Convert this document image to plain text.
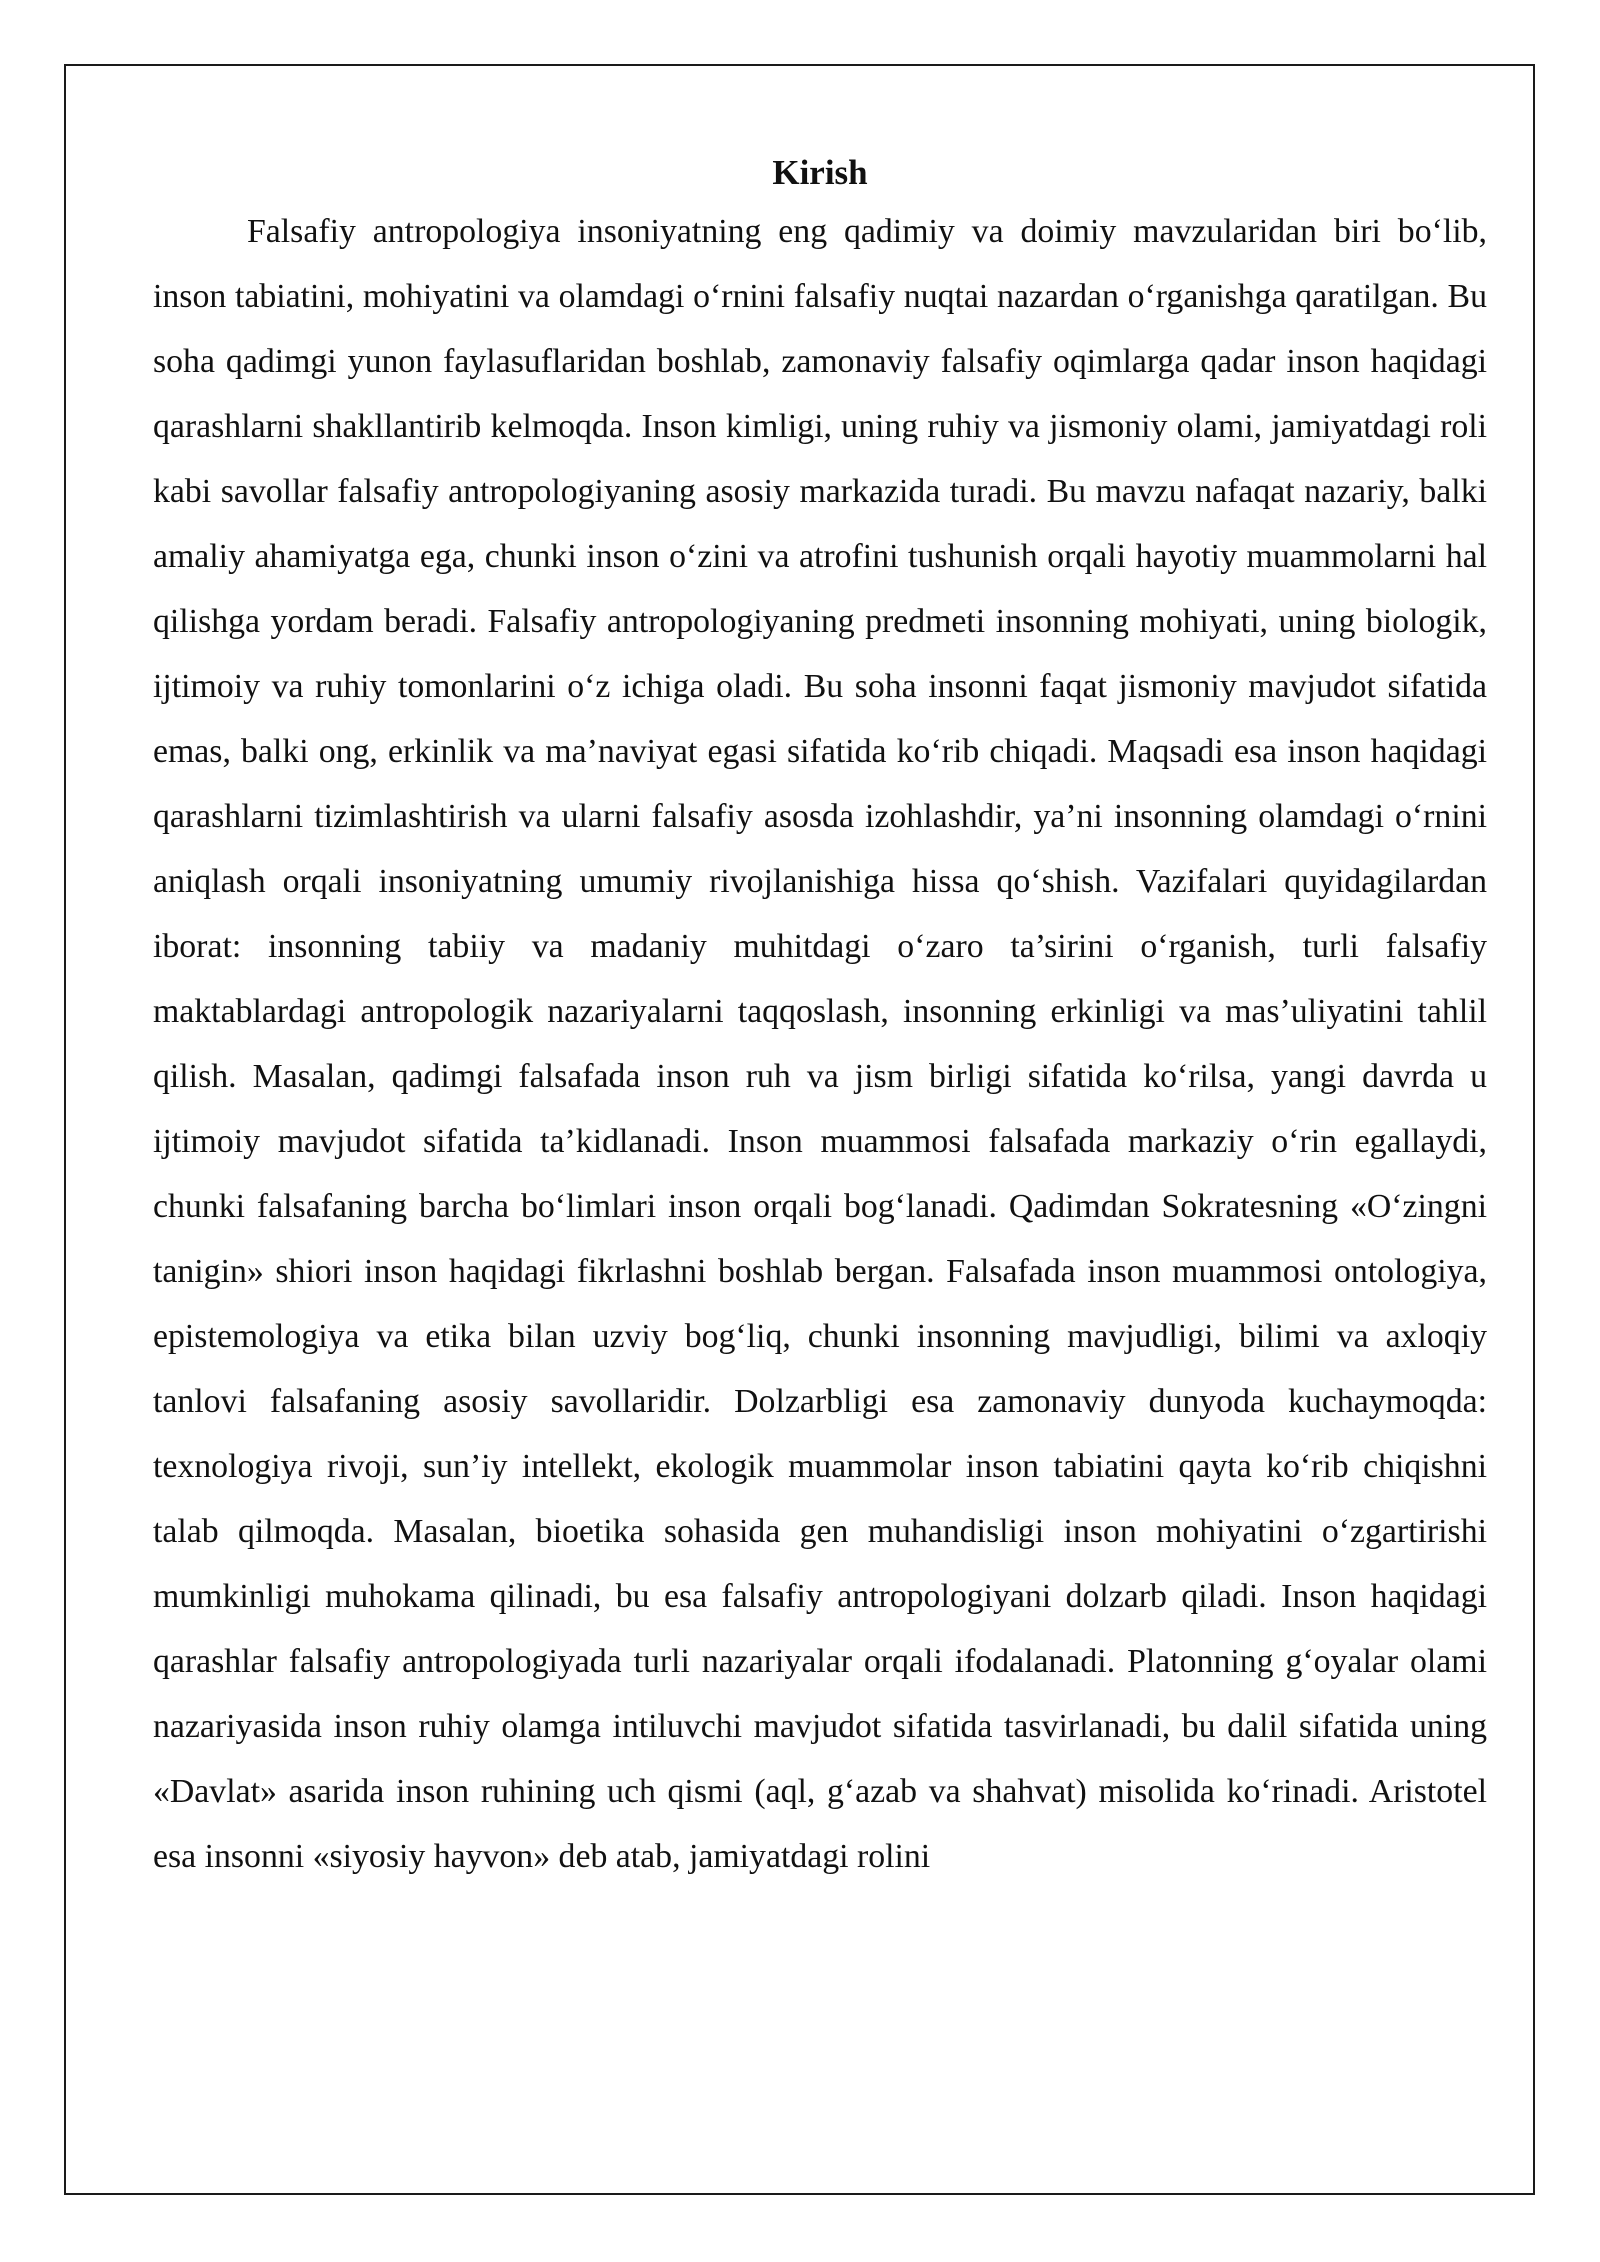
Kirish

Falsafiy antropologiya insoniyatning eng qadimiy va doimiy mavzularidan biri bo‘lib, inson tabiatini, mohiyatini va olamdagi o‘rnini falsafiy nuqtai nazardan o‘rganishga qaratilgan. Bu soha qadimgi yunon faylasuflaridan boshlab, zamonaviy falsafiy oqimlarga qadar inson haqidagi qarashlarni shakllantirib kelmoqda. Inson kimligi, uning ruhiy va jismoniy olami, jamiyatdagi roli kabi savollar falsafiy antropologiyaning asosiy markazida turadi. Bu mavzu nafaqat nazariy, balki amaliy ahamiyatga ega, chunki inson o‘zini va atrofini tushunish orqali hayotiy muammolarni hal qilishga yordam beradi. Falsafiy antropologiyaning predmeti insonning mohiyati, uning biologik, ijtimoiy va ruhiy tomonlarini o‘z ichiga oladi. Bu soha insonni faqat jismoniy mavjudot sifatida emas, balki ong, erkinlik va ma’naviyat egasi sifatida ko‘rib chiqadi. Maqsadi esa inson haqidagi qarashlarni tizimlashtirish va ularni falsafiy asosda izohlashdir, ya’ni insonning olamdagi o‘rnini aniqlash orqali insoniyatning umumiy rivojlanishiga hissa qo‘shish. Vazifalari quyidagilardan iborat: insonning tabiiy va madaniy muhitdagi o‘zaro ta’sirini o‘rganish, turli falsafiy maktablardagi antropologik nazariyalarni taqqoslash, insonning erkinligi va mas’uliyatini tahlil qilish. Masalan, qadimgi falsafada inson ruh va jism birligi sifatida ko‘rilsa, yangi davrda u ijtimoiy mavjudot sifatida ta’kidlanadi. Inson muammosi falsafada markaziy o‘rin egallaydi, chunki falsafaning barcha bo‘limlari inson orqali bog‘lanadi. Qadimdan Sokratesning «O‘zingni tanigin» shiori inson haqidagi fikrlashni boshlab bergan. Falsafada inson muammosi ontologiya, epistemologiya va etika bilan uzviy bog‘liq, chunki insonning mavjudligi, bilimi va axloqiy tanlovi falsafaning asosiy savollaridir. Dolzarbligi esa zamonaviy dunyoda kuchaymoqda: texnologiya rivoji, sun’iy intellekt, ekologik muammolar inson tabiatini qayta ko‘rib chiqishni talab qilmoqda. Masalan, bioetika sohasida gen muhandisligi inson mohiyatini o‘zgartirishi mumkinligi muhokama qilinadi, bu esa falsafiy antropologiyani dolzarb qiladi. Inson haqidagi qarashlar falsafiy antropologiyada turli nazariyalar orqali ifodalanadi. Platonning g‘oyalar olami nazariyasida inson ruhiy olamga intiluvchi mavjudot sifatida tasvirlanadi, bu dalil sifatida uning «Davlat» asarida inson ruhining uch qismi (aql, g‘azab va shahvat) misolida ko‘rinadi. Aristotel esa insonni «siyosiy hayvon» deb atab, jamiyatdagi rolini
